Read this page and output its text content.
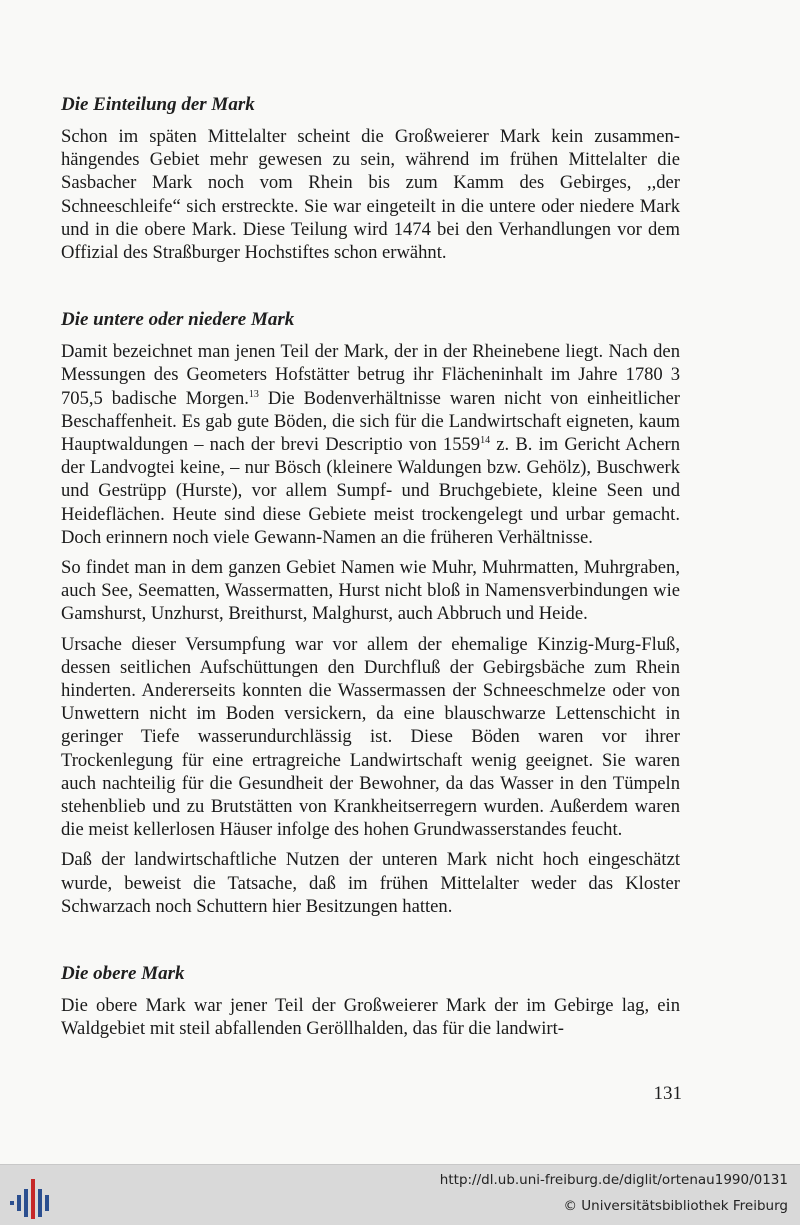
Die Einteilung der Mark

Schon im späten Mittelalter scheint die Großweierer Mark kein zusammenhängendes Gebiet mehr gewesen zu sein, während im frühen Mittelalter die Sasbacher Mark noch vom Rhein bis zum Kamm des Gebirges, ,,der Schneeschleife“ sich erstreckte. Sie war eingeteilt in die untere oder niedere Mark und in die obere Mark. Diese Teilung wird 1474 bei den Verhandlungen vor dem Offizial des Straßburger Hochstiftes schon erwähnt.

Die untere oder niedere Mark

Damit bezeichnet man jenen Teil der Mark, der in der Rheinebene liegt. Nach den Messungen des Geometers Hofstätter betrug ihr Flächeninhalt im Jahre 1780 3 705,5 badische Morgen.$^{13}$ Die Bodenverhältnisse waren nicht von einheitlicher Beschaffenheit. Es gab gute Böden, die sich für die Landwirtschaft eigneten, kaum Hauptwaldungen – nach der brevi Descriptio von 1559$^{14}$ z. B. im Gericht Achern der Landvogtei keine, – nur Bösch (kleinere Waldungen bzw. Gehölz), Buschwerk und Gestrüpp (Hurste), vor allem Sumpf- und Bruchgebiete, kleine Seen und Heideflächen. Heute sind diese Gebiete meist trockengelegt und urbar gemacht. Doch erinnern noch viele Gewann-Namen an die früheren Verhältnisse.

So findet man in dem ganzen Gebiet Namen wie Muhr, Muhrmatten, Muhrgraben, auch See, Seematten, Wassermatten, Hurst nicht bloß in Namensverbindungen wie Gamshurst, Unzhurst, Breithurst, Malghurst, auch Abbruch und Heide.

Ursache dieser Versumpfung war vor allem der ehemalige Kinzig-Murg-Fluß, dessen seitlichen Aufschüttungen den Durchfluß der Gebirgsbäche zum Rhein hinderten. Andererseits konnten die Wassermassen der Schneeschmelze oder von Unwettern nicht im Boden versickern, da eine blauschwarze Lettenschicht in geringer Tiefe wasserundurchlässig ist. Diese Böden waren vor ihrer Trockenlegung für eine ertragreiche Landwirtschaft wenig geeignet. Sie waren auch nachteilig für die Gesundheit der Bewohner, da das Wasser in den Tümpeln stehenblieb und zu Brutstätten von Krankheitserregern wurden. Außerdem waren die meist kellerlosen Häuser infolge des hohen Grundwasserstandes feucht.

Daß der landwirtschaftliche Nutzen der unteren Mark nicht hoch eingeschätzt wurde, beweist die Tatsache, daß im frühen Mittelalter weder das Kloster Schwarzach noch Schuttern hier Besitzungen hatten.

Die obere Mark

Die obere Mark war jener Teil der Großweierer Mark der im Gebirge lag, ein Waldgebiet mit steil abfallenden Geröllhalden, das für die landwirt-

131
http://dl.ub.uni-freiburg.de/diglit/ortenau1990/0131
© Universitätsbibliothek Freiburg
